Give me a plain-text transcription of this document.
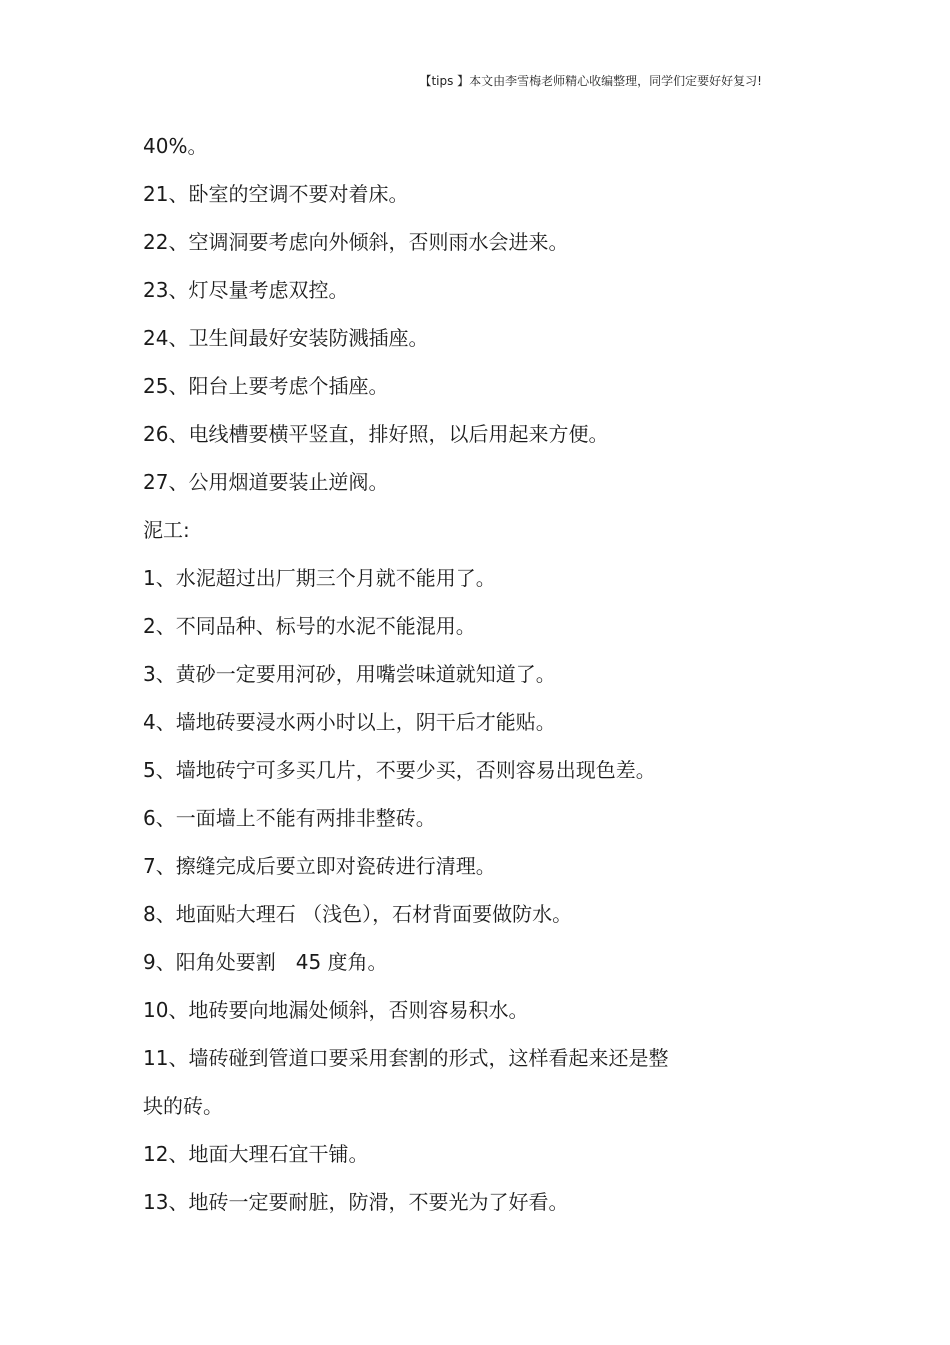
【tips 】本文由李雪梅老师精心收编整理，同学们定要好好复习!
40%。
21、卧室的空调不要对着床。
22、空调洞要考虑向外倾斜，否则雨水会进来。
23、灯尽量考虑双控。
24、卫生间最好安装防溅插座。
25、阳台上要考虑个插座。
26、电线槽要横平竖直，排好照，以后用起来方便。
27、公用烟道要装止逆阀。
泥工:
1、水泥超过出厂期三个月就不能用了。
2、不同品种、标号的水泥不能混用。
3、黄砂一定要用河砂，用嘴尝味道就知道了。
4、墙地砖要浸水两小时以上，阴干后才能贴。
5、墙地砖宁可多买几片，不要少买，否则容易出现色差。
6、一面墙上不能有两排非整砖。
7、擦缝完成后要立即对瓷砖进行清理。
8、地面贴大理石 （浅色），石材背面要做防水。
9、阳角处要割　45 度角。
10、地砖要向地漏处倾斜，否则容易积水。
11、墙砖碰到管道口要采用套割的形式，这样看起来还是整
块的砖。
12、地面大理石宜干铺。
13、地砖一定要耐脏，防滑，不要光为了好看。
